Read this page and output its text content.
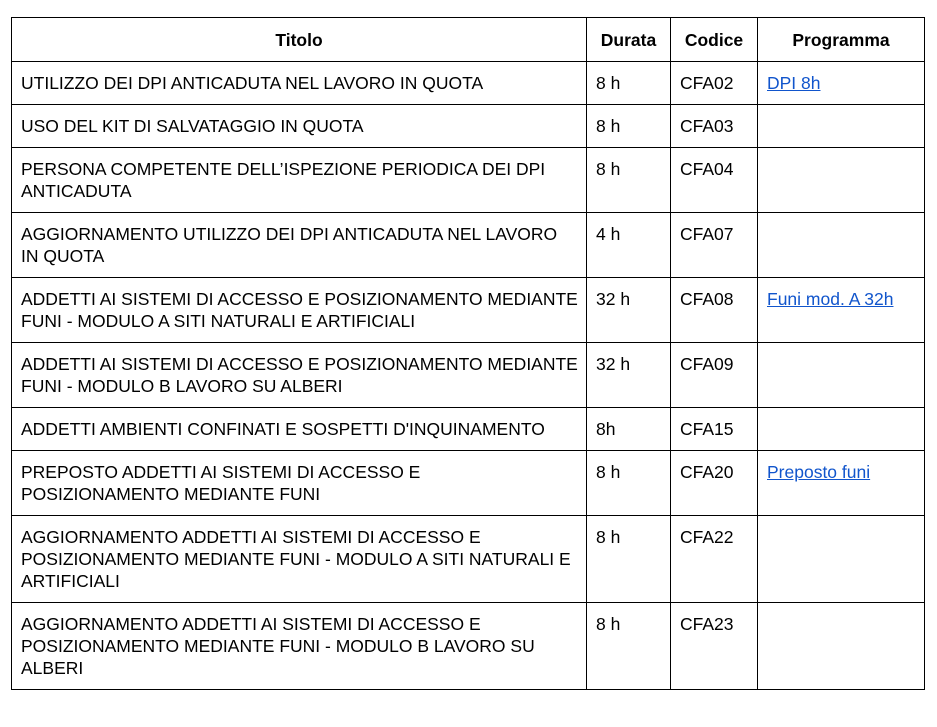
Titolo	Durata	Codice	Programma
UTILIZZO DEI DPI ANTICADUTA NEL LAVORO IN QUOTA	8 h	CFA02	DPI 8h
USO DEL KIT DI SALVATAGGIO IN QUOTA	8 h	CFA03	
PERSONA COMPETENTE DELL’ISPEZIONE PERIODICA DEI DPI ANTICADUTA	8 h	CFA04	
AGGIORNAMENTO UTILIZZO DEI DPI ANTICADUTA NEL LAVORO IN QUOTA	4 h	CFA07	
ADDETTI AI SISTEMI DI ACCESSO E POSIZIONAMENTO MEDIANTE FUNI - MODULO A SITI NATURALI E ARTIFICIALI	32 h	CFA08	Funi mod. A 32h
ADDETTI AI SISTEMI DI ACCESSO E POSIZIONAMENTO MEDIANTE FUNI - MODULO B LAVORO SU ALBERI	32 h	CFA09	
ADDETTI AMBIENTI CONFINATI E SOSPETTI D'INQUINAMENTO	8h	CFA15	
PREPOSTO ADDETTI AI SISTEMI DI ACCESSO E POSIZIONAMENTO MEDIANTE FUNI	8 h	CFA20	Preposto funi
AGGIORNAMENTO ADDETTI AI SISTEMI DI ACCESSO E POSIZIONAMENTO MEDIANTE FUNI - MODULO A SITI NATURALI E ARTIFICIALI	8 h	CFA22	
AGGIORNAMENTO ADDETTI AI SISTEMI DI ACCESSO E POSIZIONAMENTO MEDIANTE FUNI - MODULO B LAVORO SU ALBERI	8 h	CFA23	
